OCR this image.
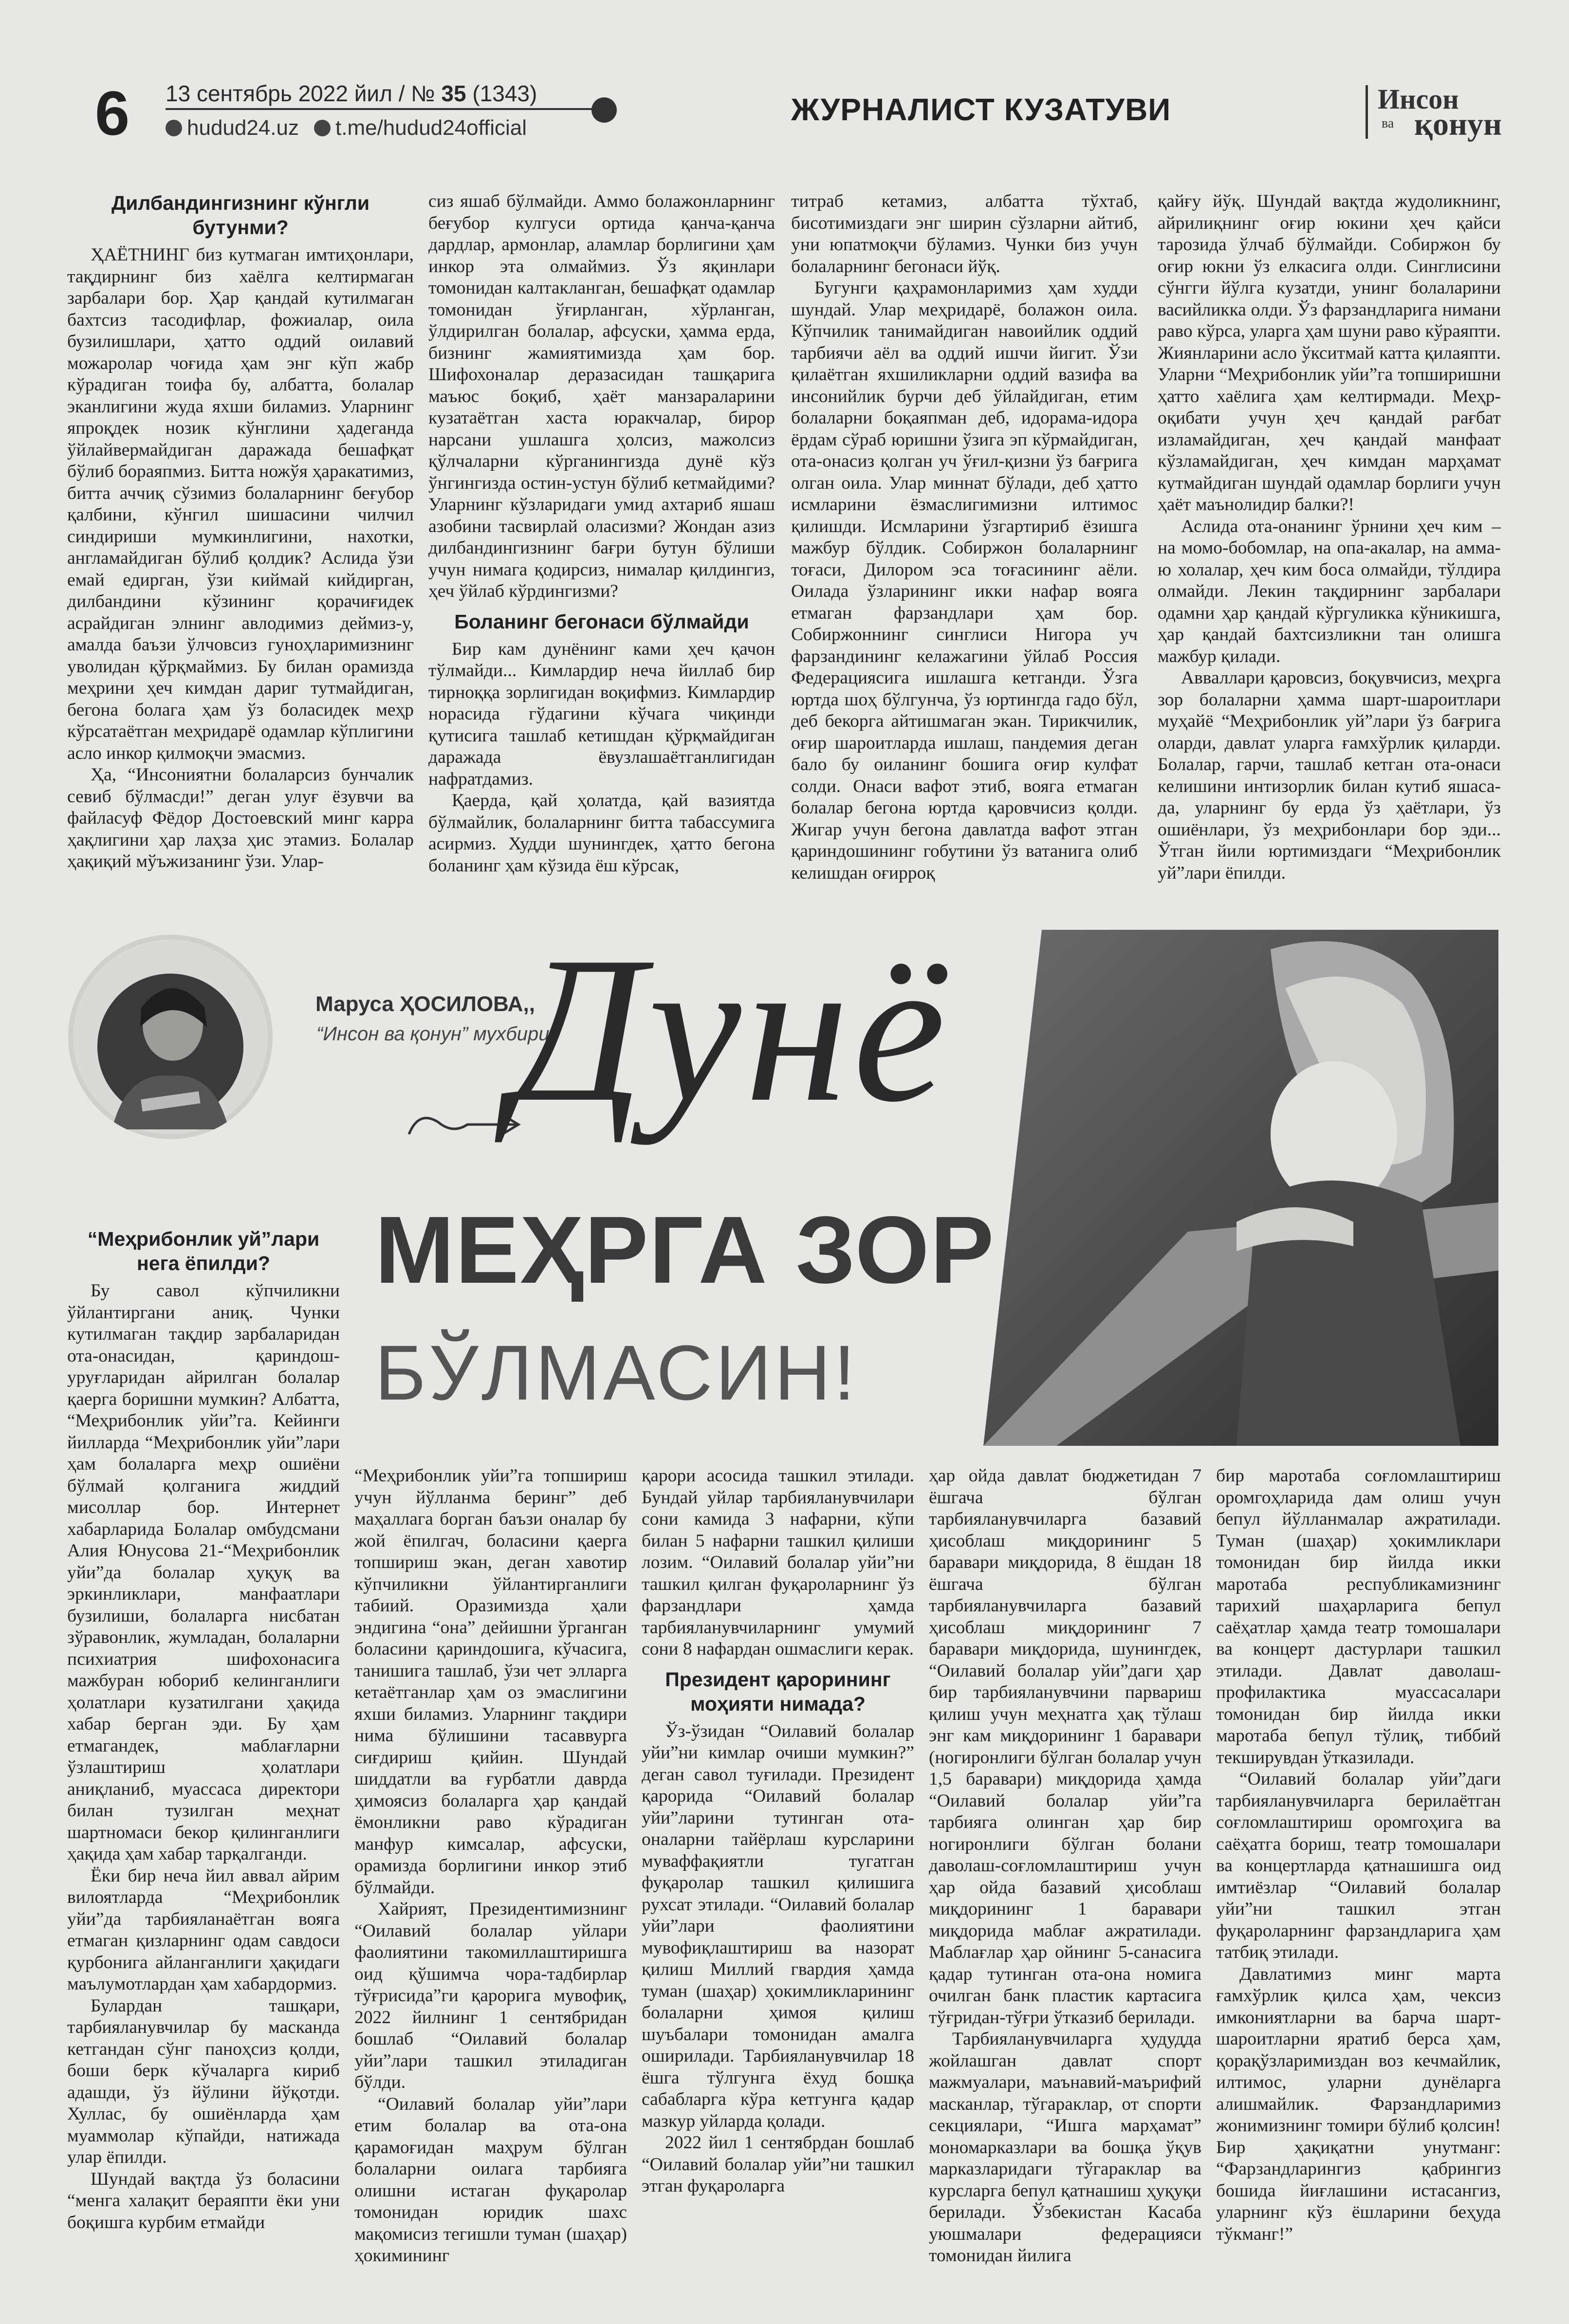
6 13 сентябрь 2022 йил / № 35 (1343)
hudud24.uz t.me/hudud24official
ЖУРНАЛИСТ КУЗАТУВИ	Инсон
ва қонун
Дилбандингизнинг кўнгли бутунми?

ҲАЁТНИНГ биз кутмаган имтиҳонлари, тақдирнинг биз хаёлга келтирмаган зарбалари бор. Ҳар қандай кутилмаган бахтсиз тасодифлар, фожиалар, оила бузилишлари, ҳатто оддий оилавий можаролар чоғида ҳам энг кўп жабр кўрадиган тоифа бу, албатта, болалар эканлигини жуда яхши биламиз. Уларнинг япроқдек нозик кўнглини ҳадеганда ўйлайвермайдиган даражада бешафқат бўлиб бораяпмиз. Битта ножўя ҳаракатимиз, битта аччиқ сўзимиз болаларнинг беғубор қалбини, кўнгил шишасини чилчил синдириши мумкинлигини, нахотки, англамайдиган бўлиб қолдик? Аслида ўзи емай едирган, ўзи киймай кийдирган, дилбандини кўзининг қорачиғидек асрайдиган элнинг авлодимиз деймиз-у, амалда баъзи ўлчовсиз гуноҳларимизнинг уволидан қўрқмаймиз. Бу билан орамизда меҳрини ҳеч кимдан дариг тутмайдиган, бегона болага ҳам ўз боласидек меҳр кўрсатаётган меҳридарё одамлар кўплигини асло инкор қилмоқчи эмасмиз.

Ҳа, “Инсониятни болаларсиз бунчалик севиб бўлмасди!” деган улуғ ёзувчи ва файласуф Фёдор Достоевский минг карра ҳақлигини ҳар лаҳза ҳис этамиз. Болалар ҳақиқий мўъжизанинг ўзи. Улар-

сиз яшаб бўлмайди. Аммо болажонларнинг беғубор кулгуси ортида қанча-қанча дардлар, армонлар, аламлар борлигини ҳам инкор эта олмаймиз. Ўз яқинлари томонидан калтакланган, бешафқат одамлар томонидан ўғирланган, хўрланган, ўлдирилган болалар, афсуски, ҳамма ерда, бизнинг жамиятимизда ҳам бор. Шифохоналар деразасидан ташқарига маъюс боқиб, ҳаёт манзараларини кузатаётган хаста юракчалар, бирор нарсани ушлашга ҳолсиз, мажолсиз қўлчаларни кўрганингизда дунё кўз ўнгингизда остин-устун бўлиб кетмайдими? Уларнинг кўзларидаги умид ахтариб яшаш азобини тасвирлай оласизми? Жондан азиз дилбандингизнинг бағри бутун бўлиши учун нимага қодирсиз, нималар қилдингиз, ҳеч ўйлаб кўрдингизми?

Боланинг бегонаси бўлмайди

Бир кам дунёнинг ками ҳеч қачон тўлмайди... Кимлардир неча йиллаб бир тирноққа зорлигидан воқифмиз. Кимлардир норасида гўдагини кўчага чиқинди қутисига ташлаб кетишдан қўрқмайдиган даражада ёвузлашаётганлигидан нафратдамиз.

Қаерда, қай ҳолатда, қай вазиятда бўлмайлик, болаларнинг битта табассумига асирмиз. Худди шунингдек, ҳатто бегона боланинг ҳам кўзида ёш кўрсак,

титраб кетамиз, албатта тўхтаб, бисотимиздаги энг ширин сўзларни айтиб, уни юпатмоқчи бўламиз. Чунки биз учун болаларнинг бегонаси йўқ.

Бугунги қаҳрамонларимиз ҳам худди шундай. Улар меҳридарё, болажон оила. Кўпчилик танимайдиган навоийлик оддий тарбиячи аёл ва оддий ишчи йигит. Ўзи қилаётган яхшиликларни оддий вазифа ва инсонийлик бурчи деб ўйлайдиган, етим болаларни боқаяпман деб, идорама-идора ёрдам сўраб юришни ўзига эп кўрмайдиган, ота-онасиз қолган уч ўғил-қизни ўз бағрига олган оила. Улар миннат бўлади, деб ҳатто исмларини ёзмаслигимизни илтимос қилишди. Исмларини ўзгартириб ёзишга мажбур бўлдик. Собиржон болаларнинг тоғаси, Дилором эса тоғасининг аёли. Оилада ўзларининг икки нафар вояга етмаган фарзандлари ҳам бор. Собиржоннинг синглиси Нигора уч фарзандининг келажагини ўйлаб Россия Федерациясига ишлашга кетганди. Ўзга юртда шоҳ бўлгунча, ўз юртингда гадо бўл, деб бекорга айтишмаган экан. Тирикчилик, оғир шароитларда ишлаш, пандемия деган бало бу оиланинг бошига оғир кулфат солди. Онаси вафот этиб, вояга етмаган болалар бегона юртда қаровчисиз қолди. Жигар учун бегона давлатда вафот этган қариндошининг гобутини ўз ватанига олиб келишдан оғирроқ

қайғу йўқ. Шундай вақтда жудоликнинг, айрилиқнинг оғир юкини ҳеч қайси тарозида ўлчаб бўлмайди. Собиржон бу оғир юкни ўз елкасига олди. Синглисини сўнгги йўлга кузатди, унинг болаларини васийликка олди. Ўз фарзандларига нимани раво кўрса, уларга ҳам шуни раво кўраяпти. Жиянларини асло ўкситмай катта қилаяпти. Уларни “Меҳрибонлик уйи”га топширишни ҳатто хаёлига ҳам келтирмади. Меҳр-оқибати учун ҳеч қандай рағбат изламайдиган, ҳеч қандай манфаат кўзламайдиган, ҳеч кимдан марҳамат кутмайдиган шундай одамлар борлиги учун ҳаёт маънолидир балки?!

Аслида ота-онанинг ўрнини ҳеч ким – на момо-бобомлар, на опа-акалар, на амма-ю холалар, ҳеч ким боса олмайди, тўлдира олмайди. Лекин тақдирнинг зарбалари одамни ҳар қандай кўргуликка кўникишга, ҳар қандай бахтсизликни тан олишга мажбур қилади.

Авваллари қаровсиз, боқувчисиз, меҳрга зор болаларни ҳамма шарт-шароитлари муҳайё “Меҳрибонлик уй”лари ўз бағрига оларди, давлат уларга ғамхўрлик қиларди. Болалар, гарчи, ташлаб кетган ота-онаси келишини интизорлик билан кутиб яшаса-да, уларнинг бу ерда ўз ҳаётлари, ўз ошиёнлари, ўз меҳрибонлари бор эди... Ўтган йили юртимиздаги “Меҳрибонлик уй”лари ёпилди.

Маруса ҲОСИЛОВА,,
“Инсон ва қонун” мухбири
Дунё
МЕҲРГА ЗОР
БЎЛМАСИН!
“Меҳрибонлик уй”лари нега ёпилди?

Бу савол кўпчиликни ўйлантиргани аниқ. Чунки кутилмаган тақдир зарбаларидан ота-онасидан, қариндош-уруғларидан айрилган болалар қаерга боришни мумкин? Албатта, “Меҳрибонлик уйи”га. Кейинги йилларда “Меҳрибонлик уйи”лари ҳам болаларга меҳр ошиёни бўлмай қолганига жиддий мисоллар бор. Интернет хабарларида Болалар омбудсмани Алия Юнусова 21-“Меҳрибонлик уйи”да болалар ҳуқуқ ва эркинликлари, манфаатлари бузилиши, болаларга нисбатан зўравонлик, жумладан, болаларни психиатрия шифохонасига мажбуран юбориб келинганлиги ҳолатлари кузатилгани ҳақида хабар берган эди. Бу ҳам етмагандек, маблағларни ўзлаштириш ҳолатлари аниқланиб, муассаса директори билан тузилган меҳнат шартномаси бекор қилинганлиги ҳақида ҳам хабар тарқалганди.

Ёки бир неча йил аввал айрим вилоятларда “Меҳрибонлик уйи”да тарбияланаётган вояга етмаган қизларнинг одам савдоси қурбонига айланганлиги ҳақидаги маълумотлардан ҳам хабардормиз.

Булардан ташқари, тарбияланувчилар бу масканда кетгандан сўнг паноҳсиз қолди, боши берк кўчаларга кириб адашди, ўз йўлини йўқотди. Хуллас, бу ошиёнларда ҳам муаммолар кўпайди, натижада улар ёпилди.

Шундай вақтда ўз боласини “менга халақит бераяпти ёки уни боқишга курбим етмайди

“Меҳрибонлик уйи”га топшириш учун йўлланма беринг” деб маҳаллага борган баъзи оналар бу жой ёпилгач, боласини қаерга топшириш экан, деган хавотир кўпчиликни ўйлантирганлиги табиий. Оразимизда ҳали эндигина “она” дейишни ўрганган боласини қариндошига, кўчасига, танишига ташлаб, ўзи чет элларга кетаётганлар ҳам оз эмаслигини яхши биламиз. Уларнинг тақдири нима бўлишини тасаввурга сиғдириш қийин. Шундай шиддатли ва ғурбатли даврда ҳимоясиз болаларга ҳар қандай ёмонликни раво кўрадиган манфур кимсалар, афсуски, орамизда борлигини инкор этиб бўлмайди.

Хайрият, Президентимизнинг “Оилавий болалар уйлари фаолиятини такомиллаштиришга оид қўшимча чора-тадбирлар тўғрисида”ги қарорига мувофиқ, 2022 йилнинг 1 сентябридан бошлаб “Оилавий болалар уйи”лари ташкил этиладиган бўлди.

“Оилавий болалар уйи”лари етим болалар ва ота-она қарамоғидан маҳрум бўлган болаларни оилага тарбияга олишни истаган фуқаролар томонидан юридик шахс мақомисиз тегишли туман (шаҳар) ҳокимининг

қарори асосида ташкил этилади. Бундай уйлар тарбияланувчилари сони камида 3 нафарни, кўпи билан 5 нафарни ташкил қилиши лозим. “Оилавий болалар уйи”ни ташкил қилган фуқароларнинг ўз фарзандлари ҳамда тарбияланувчиларнинг умумий сони 8 нафардан ошмаслиги керак.

Президент қарорининг моҳияти нимада?

Ўз-ўзидан “Оилавий болалар уйи”ни кимлар очиши мумкин?” деган савол туғилади. Президент қарорида “Оилавий болалар уйи”ларини тутинган ота-оналарни тайёрлаш курсларини муваффақиятли тугатган фуқаролар ташкил қилишига рухсат этилади. “Оилавий болалар уйи”лари фаолиятини мувофиқлаштириш ва назорат қилиш Миллий гвардия ҳамда туман (шаҳар) ҳокимликларининг болаларни ҳимоя қилиш шуъбалари томонидан амалга оширилади. Тарбияланувчилар 18 ёшга тўлгунга ёхуд бошқа сабабларга кўра кетгунга қадар мазкур уйларда қолади.

2022 йил 1 сентябрдан бошлаб “Оилавий болалар уйи”ни ташкил этган фуқароларга

ҳар ойда давлат бюджетидан 7 ёшгача бўлган тарбияланувчиларга базавий ҳисоблаш миқдорининг 5 баравари миқдорида, 8 ёшдан 18 ёшгача бўлган тарбияланувчиларга базавий ҳисоблаш миқдорининг 7 баравари миқдорида, шунингдек, “Оилавий болалар уйи”даги ҳар бир тарбияланувчини парвариш қилиш учун меҳнатга ҳақ тўлаш энг кам миқдорининг 1 баравари (ногиронлиги бўлган болалар учун 1,5 баравари) миқдорида ҳамда “Оилавий болалар уйи”га тарбияга олинган ҳар бир ногиронлиги бўлган болани даволаш-соғломлаштириш учун ҳар ойда базавий ҳисоблаш миқдорининг 1 баравари миқдорида маблағ ажратилади. Маблағлар ҳар ойнинг 5-санасига қадар тутинган ота-она номига очилган банк пластик картасига тўғридан-тўғри ўтказиб берилади.

Тарбияланувчиларга ҳудудда жойлашган давлат спорт мажмуалари, маънавий-маърифий масканлар, тўгараклар, от спорти секциялари, “Ишга марҳамат” мономарказлари ва бошқа ўқув марказларидаги тўгараклар ва курсларга бепул қатнашиш ҳуқуқи берилади. Ўзбекистан Касаба уюшмалари федерацияси томонидан йилига

бир маротаба соғломлаштириш оромгоҳларида дам олиш учун бепул йўлланмалар ажратилади. Туман (шаҳар) ҳокимликлари томонидан бир йилда икки маротаба республикамизнинг тарихий шаҳарларига бепул саёҳатлар ҳамда театр томошалари ва концерт дастурлари ташкил этилади. Давлат даволаш-профилактика муассасалари томонидан бир йилда икки маротаба бепул тўлиқ, тиббий текширувдан ўтказилади.

“Оилавий болалар уйи”даги тарбияланувчиларга берилаётган соғломлаштириш оромгоҳига ва саёҳатга бориш, театр томошалари ва концертларда қатнашишга оид имтиёзлар “Оилавий болалар уйи”ни ташкил этган фуқароларнинг фарзандларига ҳам татбиқ этилади.

Давлатимиз минг марта ғамхўрлик қилса ҳам, чексиз имкониятларни ва барча шарт-шароитларни яратиб берса ҳам, қорақўзларимиздан воз кечмайлик, илтимос, уларни дунёларга алишмайлик. Фарзандларимиз жонимизнинг томири бўлиб қолсин! Бир ҳақиқатни унутманг: “Фарзандларингиз қабрингиз бошида йиғлашини истасангиз, уларнинг кўз ёшларини беҳуда тўкманг!”
